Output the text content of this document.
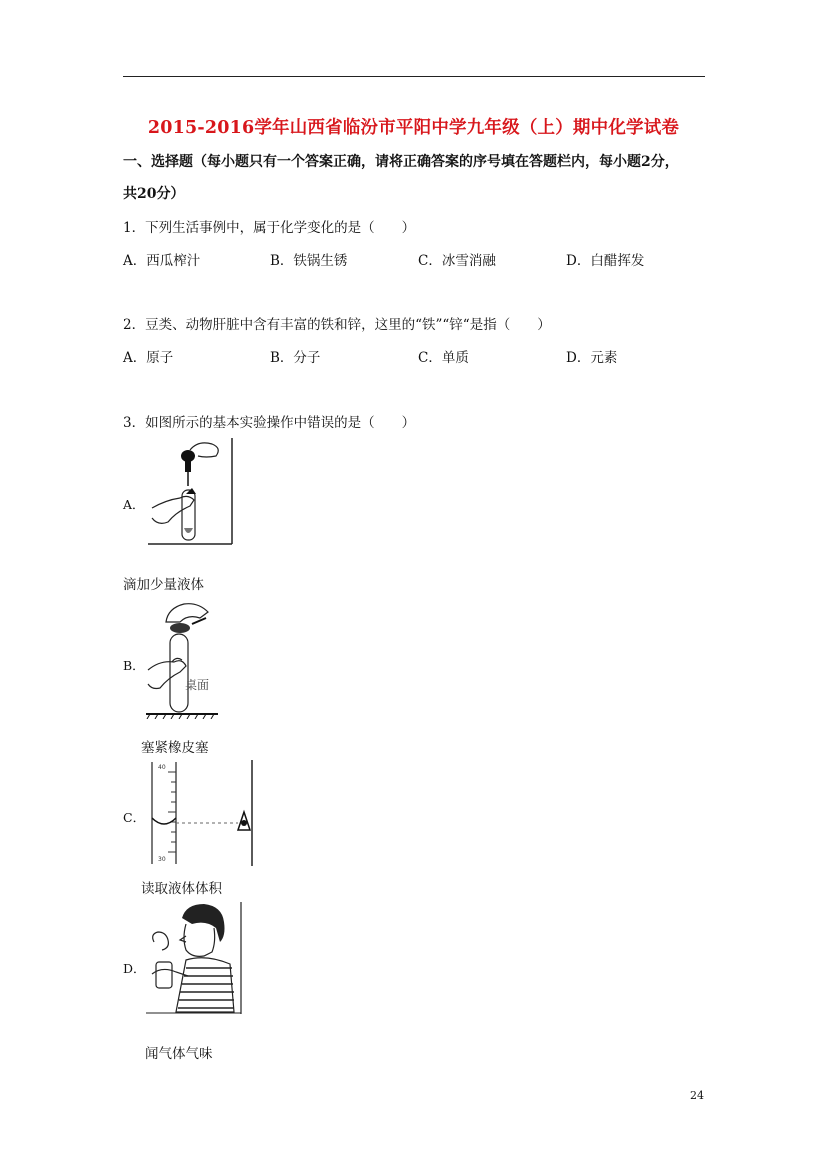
2015-2016学年山西省临汾市平阳中学九年级（上）期中化学试卷
一、选择题（每小题只有一个答案正确，请将正确答案的序号填在答题栏内，每小题2分，
共20分）
1．下列生活事例中，属于化学变化的是（　　）
A．西瓜榨汁	B．铁锅生锈	C．冰雪消融	D．白醋挥发
2．豆类、动物肝脏中含有丰富的铁和锌，这里的“铁”“锌“是指（　　）
A．原子	B．分子	C．单质	D．元素
3．如图所示的基本实验操作中错误的是（　　）
A．
滴加少量液体
B．
桌面
塞紧橡皮塞
C．
40
30
读取液体体积
D．
闻气体气味
24
